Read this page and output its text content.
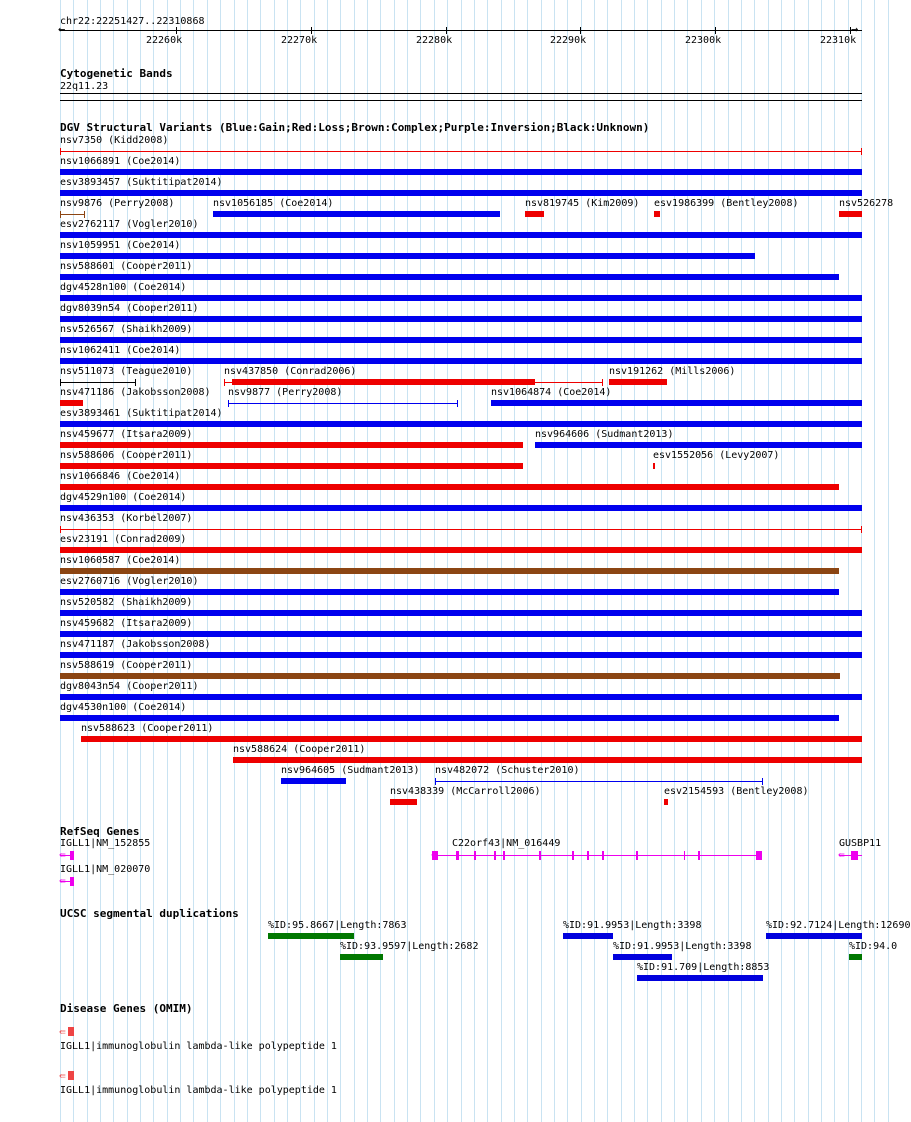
chr22:22251427..22310868
←	→
22260k	22270k	22280k	22290k	22300k	22310k
Cytogenetic Bands
22q11.23
DGV Structural Variants (Blue:Gain;Red:Loss;Brown:Complex;Purple:Inversion;Black:Unknown)
nsv7350 (Kidd2008)
nsv1066891 (Coe2014)
esv3893457 (Suktitipat2014)
nsv9876 (Perry2008)	nsv1056185 (Coe2014)	nsv819745 (Kim2009) esv1986399 (Bentley2008)	nsv526278
esv2762117 (Vogler2010)
nsv1059951 (Coe2014)
nsv588601 (Cooper2011)
dgv4528n100 (Coe2014)
dgv8039n54 (Cooper2011)
nsv526567 (Shaikh2009)
nsv1062411 (Coe2014)
nsv511073 (Teague2010)	nsv437850 (Conrad2006)	nsv191262 (Mills2006)
nsv471186 (Jakobsson2008) nsv9877 (Perry2008)	nsv1064874 (Coe2014)
esv3893461 (Suktitipat2014)
nsv459677 (Itsara2009)	nsv964606 (Sudmant2013)
nsv588606 (Cooper2011)	esv1552056 (Levy2007)
nsv1066846 (Coe2014)
dgv4529n100 (Coe2014)
nsv436353 (Korbel2007)
esv23191 (Conrad2009)
nsv1060587 (Coe2014)
esv2760716 (Vogler2010)
nsv520582 (Shaikh2009)
nsv459682 (Itsara2009)
nsv471187 (Jakobsson2008)
nsv588619 (Cooper2011)
dgv8043n54 (Cooper2011)
dgv4530n100 (Coe2014)
nsv588623 (Cooper2011)
nsv588624 (Cooper2011)
nsv964605 (Sudmant2013) nsv482072 (Schuster2010)
nsv438339 (McCarroll2006)	esv2154593 (Bentley2008)
RefSeq Genes
IGLL1|NM_152855
⇚
C22orf43|NM_016449	GUSBP11
⇚
IGLL1|NM_020070
⇚
UCSC segmental duplications
%ID:95.8667|Length:7863	%ID:91.9953|Length:3398	%ID:92.7124|Length:12690
%ID:93.9597|Length:2682	%ID:91.9953|Length:3398	%ID:94.0
%ID:91.709|Length:8853
Disease Genes (OMIM)
⇚
IGLL1|immunoglobulin lambda-like polypeptide 1
⇚
IGLL1|immunoglobulin lambda-like polypeptide 1
